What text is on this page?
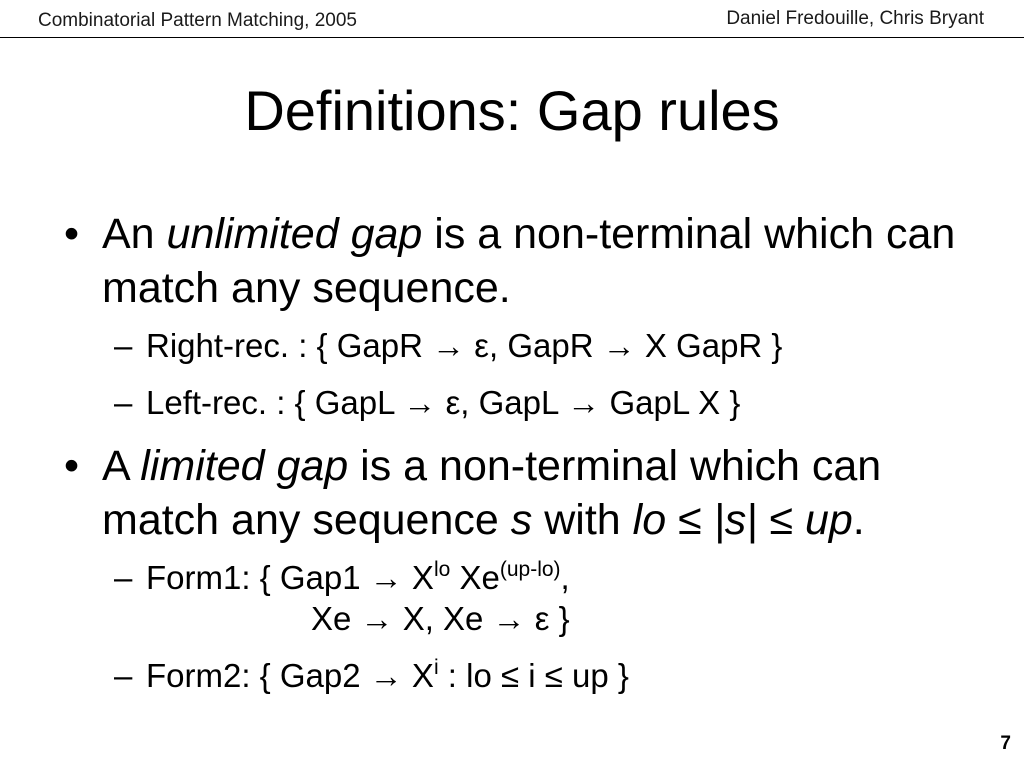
Combinatorial Pattern Matching, 2005	Daniel Fredouille, Chris Bryant
Definitions: Gap rules
• An unlimited gap is a non-terminal which can match any sequence.
– Right-rec. : { GapR → ε, GapR → X GapR }
– Left-rec. : { GapL → ε, GapL → GapL X }
• A limited gap is a non-terminal which can match any sequence s with lo ≤ |s| ≤ up.
– Form1: { $Gap1 \to X^{lo}$ $Xe^{(up-lo)}$,
Xe → X, Xe → ε }
– Form2: { $Gap2 \to X^i$ : lo ≤ i ≤ up }
7
